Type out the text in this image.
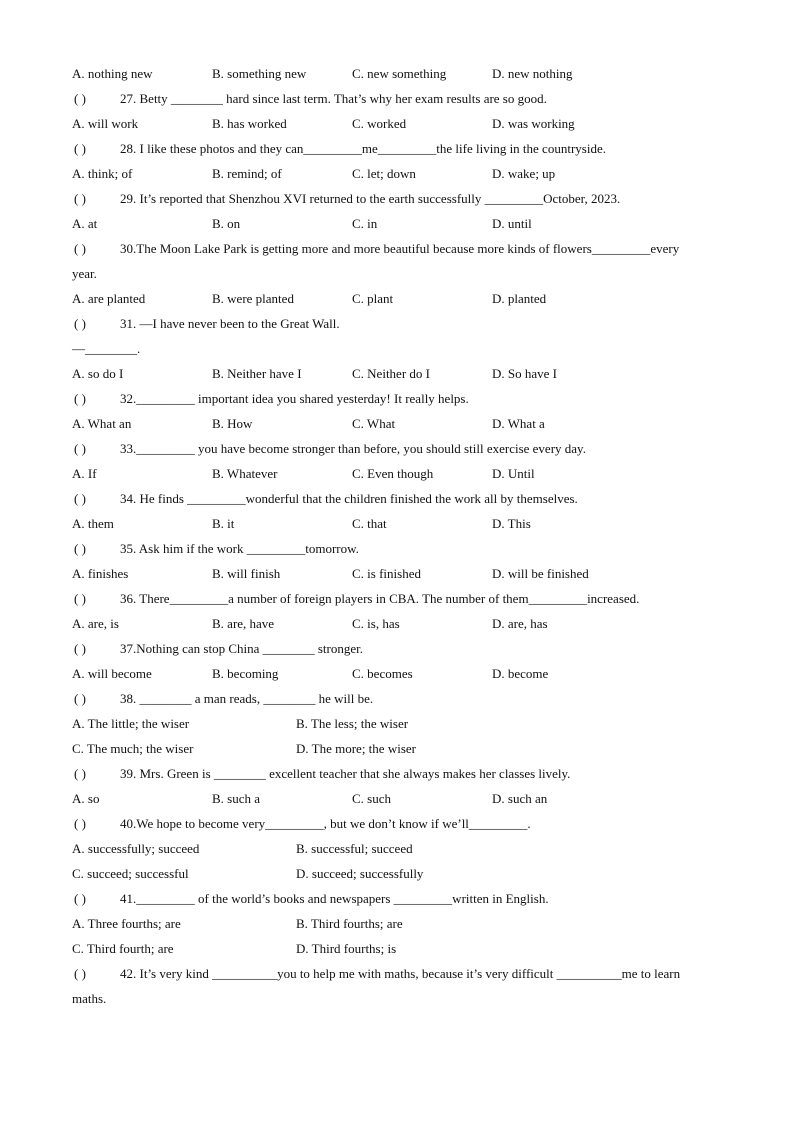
A. nothing new	B. something new	C. new something	D. new nothing
( )	27. Betty ________ hard since last term. That’s why her exam results are so good.
A. will work	B. has worked	C. worked	D. was working
( )	28. I like these photos and they can_________me_________the life living in the countryside.
A. think; of	B. remind; of	C. let; down	D. wake; up
( )	29. It’s reported that Shenzhou XVI returned to the earth successfully _________October, 2023.
A. at	B. on	C. in	D. until
( )	30.The Moon Lake Park is getting more and more beautiful because more kinds of flowers_________every
year.
A. are planted	B. were planted	C. plant	D. planted
( )	31. —I have never been to the Great Wall.
—________.
A. so do I	B. Neither have I	C. Neither do I	D. So have I
( )	32._________ important idea you shared yesterday! It really helps.
A. What an	B. How	C. What	D. What a
( )	33._________ you have become stronger than before, you should still exercise every day.
A. If	B. Whatever	C. Even though	D. Until
( )	34. He finds _________wonderful that the children finished the work all by themselves.
A. them	B. it	C. that	D. This
( )	35. Ask him if the work _________tomorrow.
A. finishes	B. will finish	C. is finished	D. will be finished
( )	36. There_________a number of foreign players in CBA. The number of them_________increased.
A. are, is	B. are, have	C. is, has	D. are, has
( )	37.Nothing can stop China ________ stronger.
A. will become	B. becoming	C. becomes	D. become
( )	38. ________ a man reads, ________ he will be.
A. The little; the wiser	B. The less; the wiser
C. The much; the wiser	D. The more; the wiser
( )	39. Mrs. Green is ________ excellent teacher that she always makes her classes lively.
A. so	B. such a	C. such	D. such an
( )	40.We hope to become very_________, but we don’t know if we’ll_________.
A. successfully; succeed	B. successful; succeed
C. succeed; successful	D. succeed; successfully
( )	41._________ of the world’s books and newspapers _________written in English.
A. Three fourths; are	B. Third fourths; are
C. Third fourth; are	D. Third fourths; is
( )	42. It’s very kind __________you to help me with maths, because it’s very difficult __________me to learn
maths.
